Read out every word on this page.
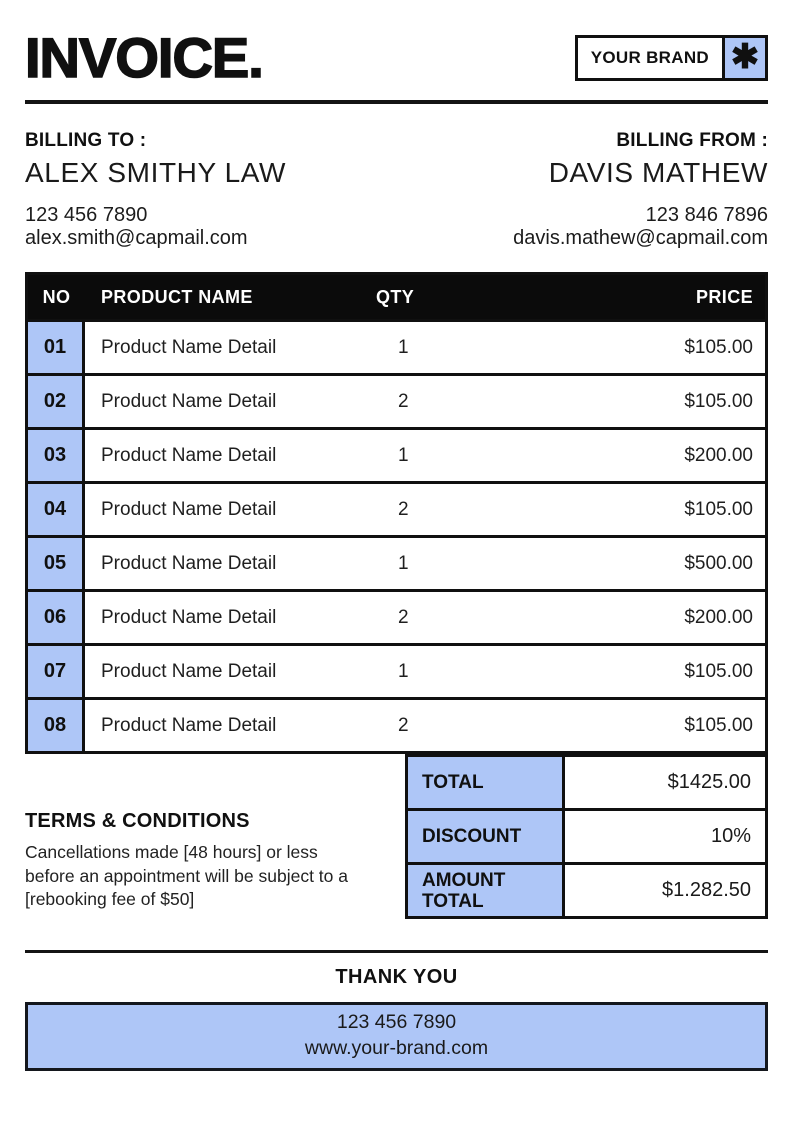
INVOICE.	YOUR BRAND ✱
BILLING TO :
ALEX SMITHY LAW
123 456 7890
alex.smith@capmail.com
BILLING FROM :
DAVIS MATHEW
123 846 7896
davis.mathew@capmail.com
NO	PRODUCT NAME	QTY	PRICE
01	Product Name Detail	1	$105.00
02	Product Name Detail	2	$105.00
03	Product Name Detail	1	$200.00
04	Product Name Detail	2	$105.00
05	Product Name Detail	1	$500.00
06	Product Name Detail	2	$200.00
07	Product Name Detail	1	$105.00
08	Product Name Detail	2	$105.00
TERMS & CONDITIONS
Cancellations made [48 hours] or less before an appointment will be subject to a [rebooking fee of $50]
TOTAL	$1425.00
DISCOUNT	10%
AMOUNT TOTAL	$1.282.50
THANK YOU
123 456 7890
www.your-brand.com
